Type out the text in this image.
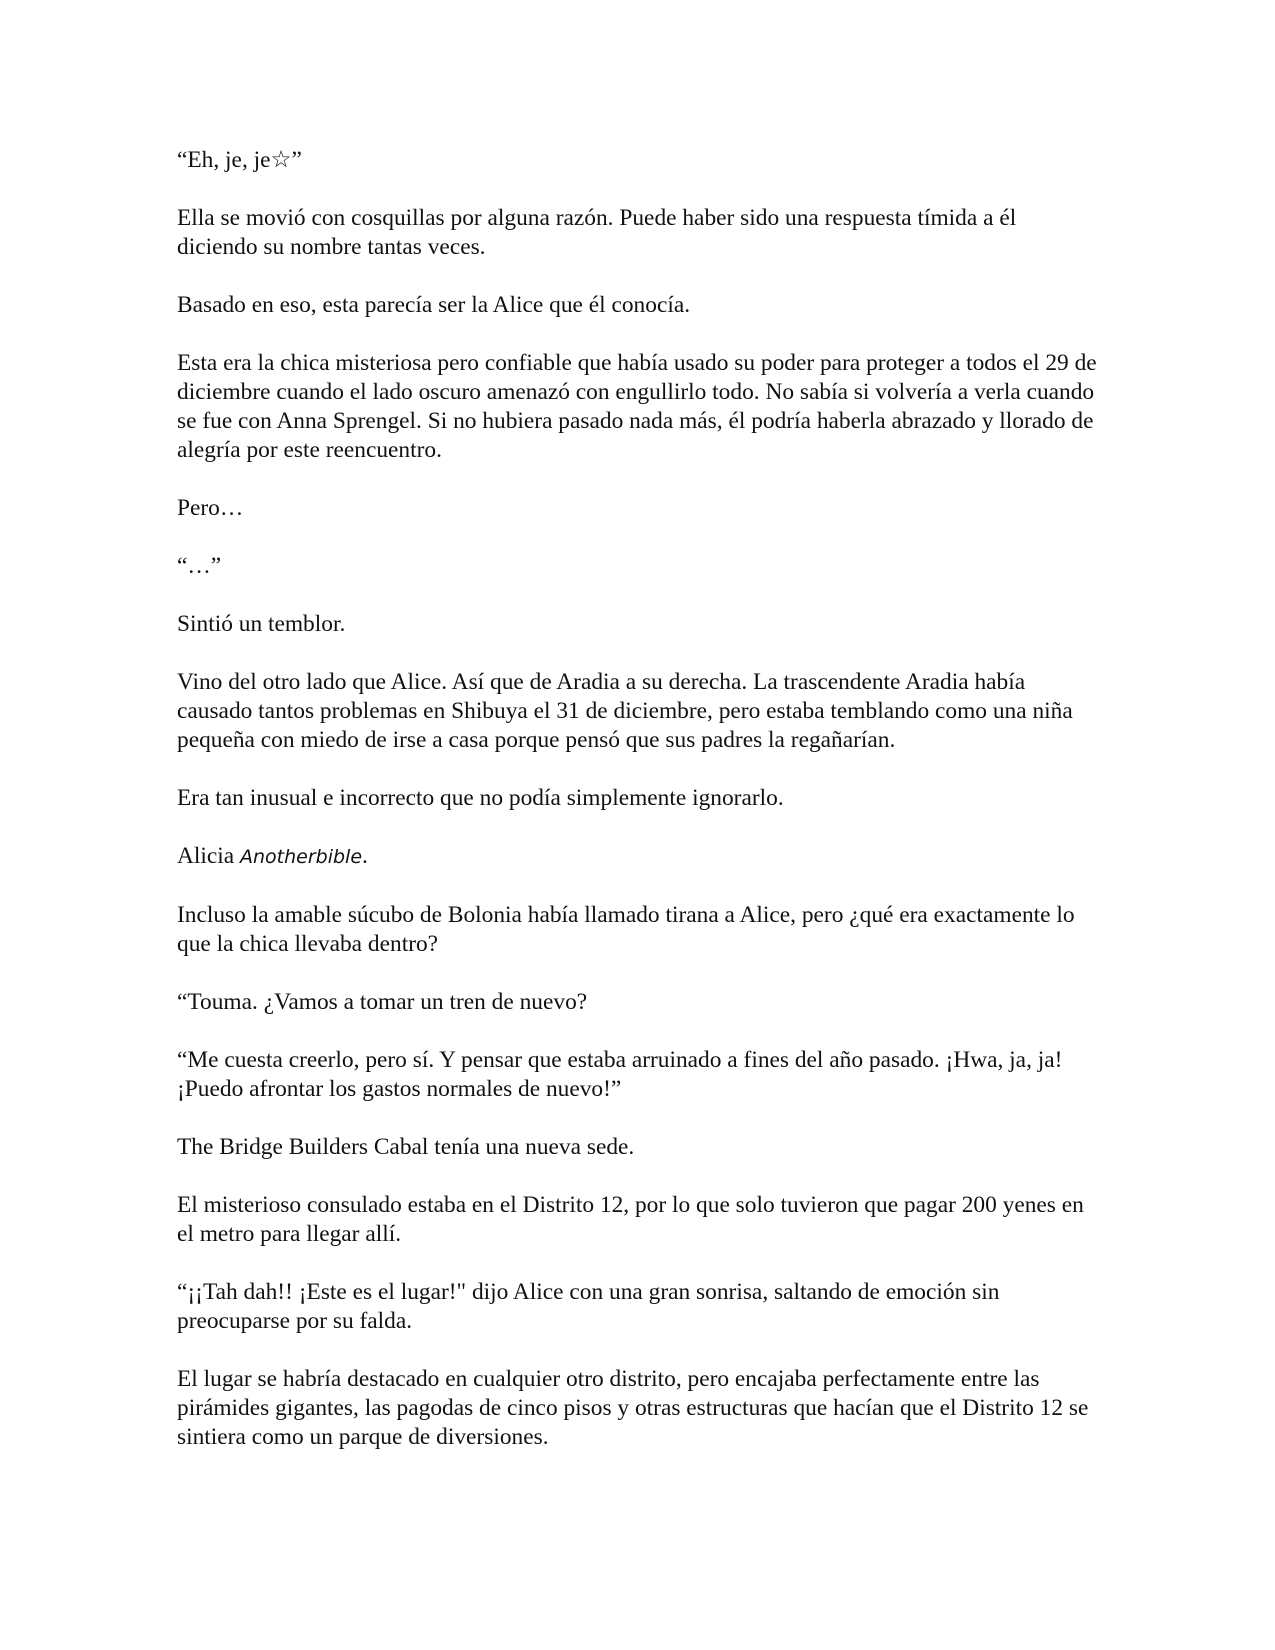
“Eh, je, je☆”

Ella se movió con cosquillas por alguna razón. Puede haber sido una respuesta tímida a él diciendo su nombre tantas veces.

Basado en eso, esta parecía ser la Alice que él conocía.

Esta era la chica misteriosa pero confiable que había usado su poder para proteger a todos el 29 de diciembre cuando el lado oscuro amenazó con engullirlo todo. No sabía si volvería a verla cuando se fue con Anna Sprengel. Si no hubiera pasado nada más, él podría haberla abrazado y llorado de alegría por este reencuentro.

Pero…

“…”

Sintió un temblor.

Vino del otro lado que Alice. Así que de Aradia a su derecha. La trascendente Aradia había causado tantos problemas en Shibuya el 31 de diciembre, pero estaba temblando como una niña pequeña con miedo de irse a casa porque pensó que sus padres la regañarían.

Era tan inusual e incorrecto que no podía simplemente ignorarlo.

Alicia Anotherbible.

Incluso la amable súcubo de Bolonia había llamado tirana a Alice, pero ¿qué era exactamente lo que la chica llevaba dentro?

“Touma. ¿Vamos a tomar un tren de nuevo?

“Me cuesta creerlo, pero sí. Y pensar que estaba arruinado a fines del año pasado. ¡Hwa, ja, ja! ¡Puedo afrontar los gastos normales de nuevo!”

The Bridge Builders Cabal tenía una nueva sede.

El misterioso consulado estaba en el Distrito 12, por lo que solo tuvieron que pagar 200 yenes en el metro para llegar allí.

“¡¡Tah dah!! ¡Este es el lugar!" dijo Alice con una gran sonrisa, saltando de emoción sin preocuparse por su falda.

El lugar se habría destacado en cualquier otro distrito, pero encajaba perfectamente entre las pirámides gigantes, las pagodas de cinco pisos y otras estructuras que hacían que el Distrito 12 se sintiera como un parque de diversiones.
